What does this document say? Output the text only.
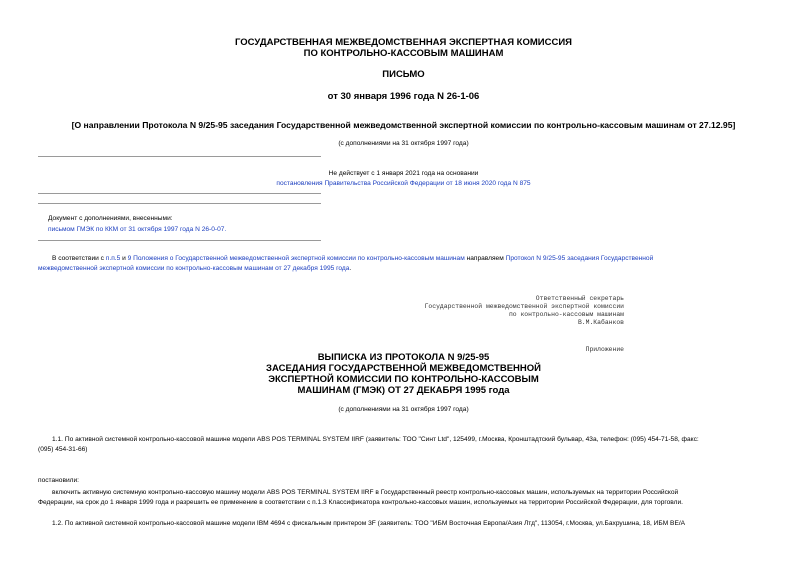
ГОСУДАРСТВЕННАЯ МЕЖВЕДОМСТВЕННАЯ ЭКСПЕРТНАЯ КОМИССИЯ
ПО КОНТРОЛЬНО-КАССОВЫМ МАШИНАМ
ПИСЬМО
от 30 января 1996 года N 26-1-06
[О направлении Протокола N 9/25-95 заседания Государственной межведомственной экспертной комиссии по контрольно-кассовым машинам от 27.12.95]
(с дополнениями на 31 октября 1997 года)
Не действует с 1 января 2021 года на основании
постановления Правительства Российской Федерации от 18 июня 2020 года N 875
Документ с дополнениями, внесенными:
письмом ГМЭК по ККМ от 31 октября 1997 года N 26-0-07.
В соответствии с п.п.5 и 9 Положения о Государственной межведомственной экспертной комиссии по контрольно-кассовым машинам направляем Протокол N 9/25-95 заседания Государственной
межведомственной экспертной комиссии по контрольно-кассовым машинам от 27 декабря 1995 года.
Ответственный секретарь
Государственной межведомственной экспертной комиссии
по контрольно-кассовым машинам
В.М.Кабанков
Приложение
ВЫПИСКА ИЗ ПРОТОКОЛА N 9/25-95
ЗАСЕДАНИЯ ГОСУДАРСТВЕННОЙ МЕЖВЕДОМСТВЕННОЙ
ЭКСПЕРТНОЙ КОМИССИИ ПО КОНТРОЛЬНО-КАССОВЫМ
МАШИНАМ (ГМЭК) ОТ 27 ДЕКАБРЯ 1995 года
(с дополнениями на 31 октября 1997 года)
1.1. По активной системной контрольно-кассовой машине модели ABS POS TERMINAL SYSTEM IIRF (заявитель: ТОО "Синт Ltd", 125499, г.Москва, Кронштадтский бульвар, 43а, телефон: (095) 454-71-58, факс:
(095) 454-31-66)
постановили:
включить активную системную контрольно-кассовую машину модели ABS POS TERMINAL SYSTEM IIRF в Государственный реестр контрольно-кассовых машин, используемых на территории Российской
Федерации, на срок до 1 января 1999 года и разрешить ее применение в соответствии с п.1.3 Классификатора контрольно-кассовых машин, используемых на территории Российской Федерации, для торговли.
1.2. По активной системной контрольно-кассовой машине модели IBM 4694 с фискальным принтером 3F (заявитель: ТОО "ИБМ Восточная Европа/Азия Лтд", 113054, г.Москва, ул.Бахрушина, 18, ИБМ ВЕ/А
